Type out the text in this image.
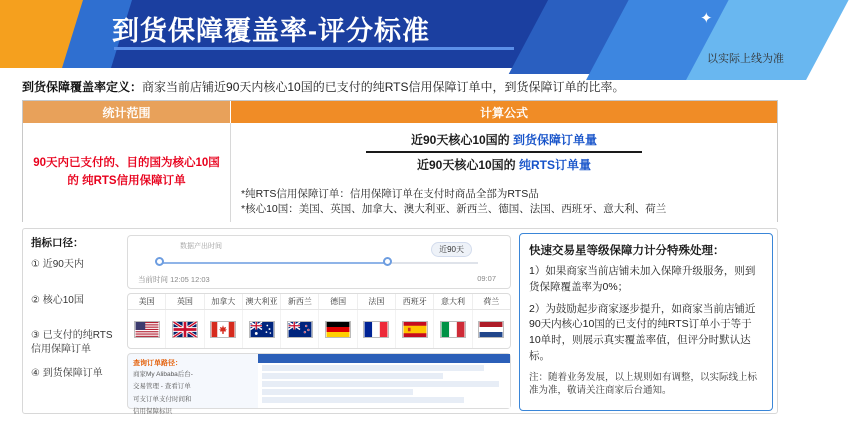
✦
到货保障覆盖率-评分标准
以实际上线为准
到货保障覆盖率定义：商家当前店铺近90天内核心10国的已支付的纯RTS信用保障订单中，到货保障订单的比率。
统计范围	计算公式
90天内已支付的、目的国为核心10国的 纯RTS信用保障订单
近90天核心10国的 到货保障订单量
近90天核心10国的 纯RTS订单量
*纯RTS信用保障订单：信用保障订单在支付时商品全部为RTS品
*核心10国：美国、英国、加拿大、澳大利亚、新西兰、德国、法国、西班牙、意大利、荷兰
指标口径：
① 近90天内
② 核心10国
③ 已支付的纯RTS信用保障订单
④ 到货保障订单
数据产出时间	近90天
当前时间 12:05 12:03	09:07
美国	英国	加拿大	澳大利亚	新西兰	德国	法国	西班牙	意大利	荷兰
查询订单路径：
商家My Alibaba后台-
交易管理 - 查看订单
可支订单支付时间和
信用保障标识
快速交易星等级保障力计分特殊处理：
1）如果商家当前店铺未加入保障升级服务，则到货保障覆盖率为0%；
2）为鼓励起步商家逐步提升，如商家当前店铺近90天内核心10国的已支付的纯RTS订单小于等于10单时，则展示真实覆盖率值，但评分时默认达标。
注：随着业务发展，以上规则如有调整，以实际线上标准为准，敬请关注商家后台通知。
